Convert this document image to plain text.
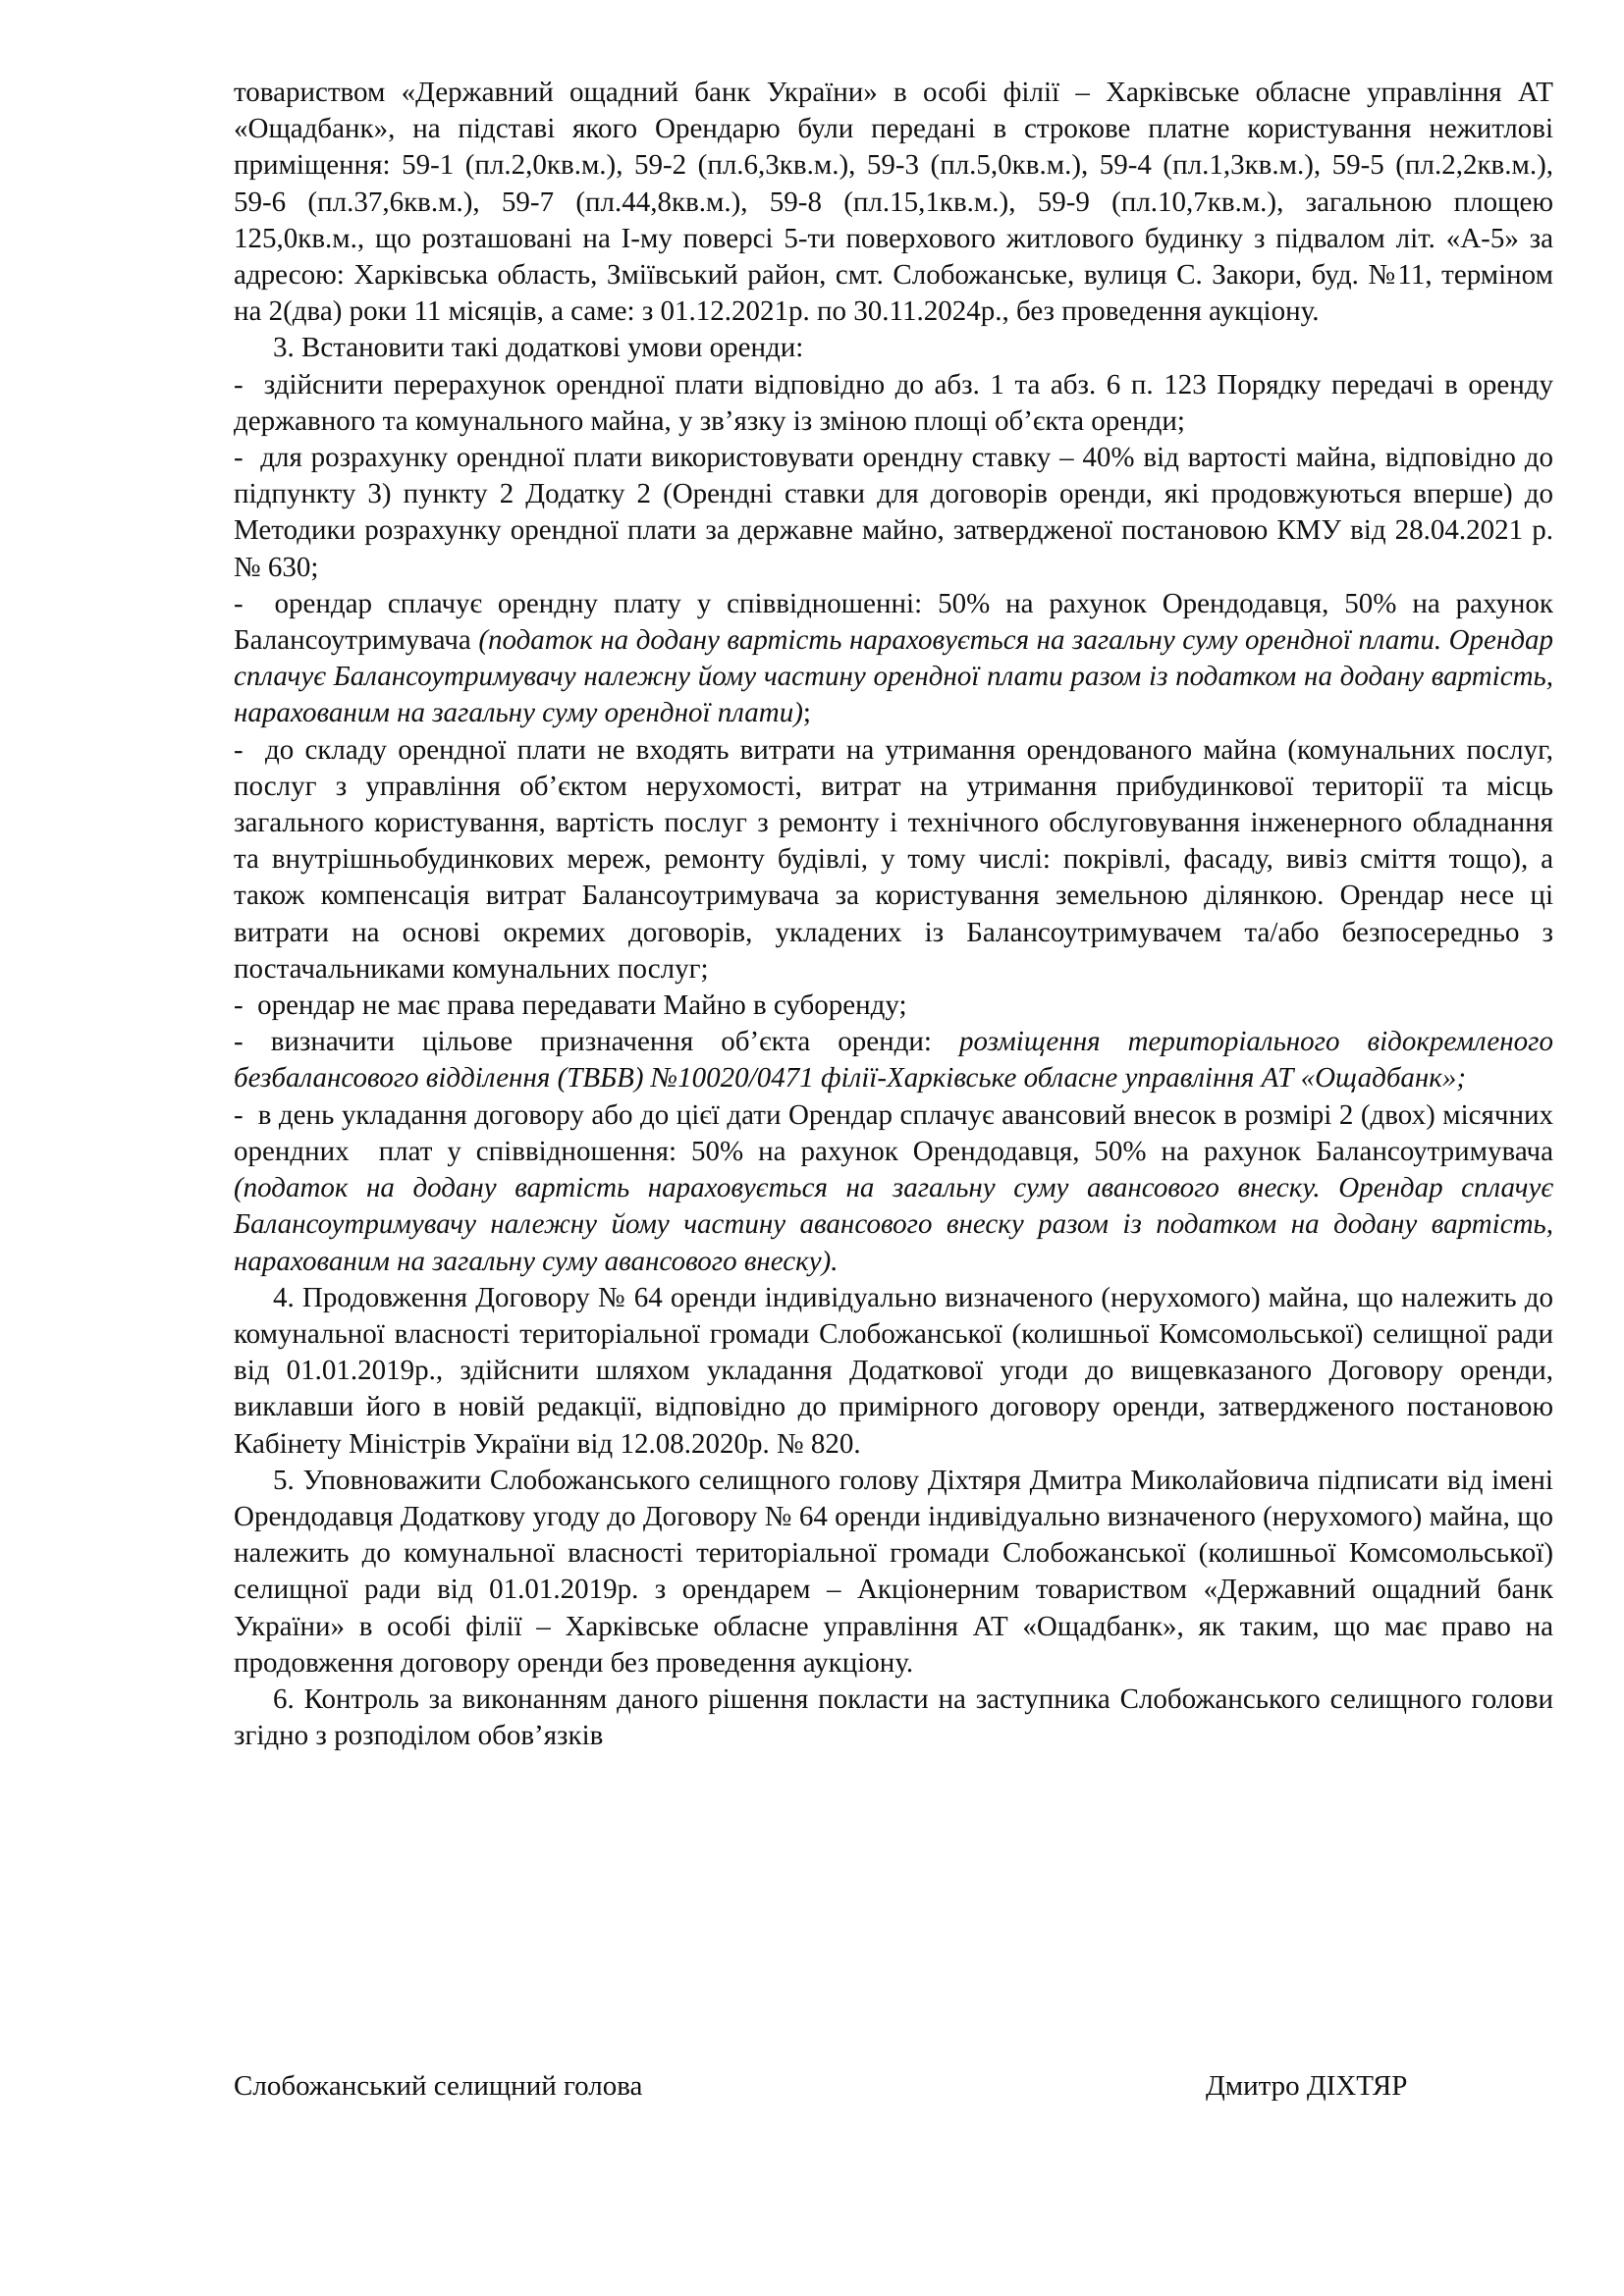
товариством «Державний ощадний банк України» в особі філії – Харківське обласне управління АТ «Ощадбанк», на підставі якого Орендарю були передані в строкове платне користування нежитлові приміщення: 59-1 (пл.2,0кв.м.), 59-2 (пл.6,3кв.м.), 59-3 (пл.5,0кв.м.), 59-4 (пл.1,3кв.м.), 59-5 (пл.2,2кв.м.), 59-6 (пл.37,6кв.м.), 59-7 (пл.44,8кв.м.), 59-8 (пл.15,1кв.м.), 59-9 (пл.10,7кв.м.), загальною площею 125,0кв.м., що розташовані на І-му поверсі 5-ти поверхового житлового будинку з підвалом літ. «А-5» за адресою: Харківська область, Зміївський район, смт. Слобожанське, вулиця С. Закори, буд. №11, терміном на 2(два) роки 11 місяців, а саме: з 01.12.2021р. по 30.11.2024р., без проведення аукціону.

3. Встановити такі додаткові умови оренди:

-  здійснити перерахунок орендної плати відповідно до абз. 1 та абз. 6 п. 123 Порядку передачі в оренду державного та комунального майна, у зв’язку із зміною площі об’єкта оренди;

-  для розрахунку орендної плати використовувати орендну ставку – 40% від вартості майна, відповідно до підпункту 3) пункту 2 Додатку 2 (Орендні ставки для договорів оренди, які продовжуються вперше) до Методики розрахунку орендної плати за державне майно, затвердженої постановою КМУ від 28.04.2021 р. № 630;

-  орендар сплачує орендну плату у співвідношенні: 50% на рахунок Орендодавця, 50% на рахунок Балансоутримувача (податок на додану вартість нараховується на загальну суму орендної плати. Орендар сплачує Балансоутримувачу належну йому частину орендної плати разом із податком на додану вартість, нарахованим на загальну суму орендної плати);

-  до складу орендної плати не входять витрати на утримання орендованого майна (комунальних послуг, послуг з управління об’єктом нерухомості, витрат на утримання прибудинкової території та місць загального користування, вартість послуг з ремонту і технічного обслуговування інженерного обладнання та внутрішньобудинкових мереж, ремонту будівлі, у тому числі: покрівлі, фасаду, вивіз сміття тощо), а також компенсація витрат Балансоутримувача за користування земельною ділянкою. Орендар несе ці витрати на основі окремих договорів, укладених із Балансоутримувачем та/або безпосередньо з постачальниками комунальних послуг;

-  орендар не має права передавати Майно в суборенду;

- визначити цільове призначення об’єкта оренди: розміщення територіального відокремленого безбалансового відділення (ТВБВ) №10020/0471 філії-Харківське обласне управління АТ «Ощадбанк»;

-  в день укладання договору або до цієї дати Орендар сплачує авансовий внесок в розмірі 2 (двох) місячних орендних  плат у співвідношення: 50% на рахунок Орендодавця, 50% на рахунок Балансоутримувача (податок на додану вартість нараховується на загальну суму авансового внеску. Орендар сплачує Балансоутримувачу належну йому частину авансового внеску разом із податком на додану вартість, нарахованим на загальну суму авансового внеску).

4. Продовження Договору № 64 оренди індивідуально визначеного (нерухомого) майна, що належить до комунальної власності територіальної громади Слобожанської (колишньої Комсомольської) селищної ради від 01.01.2019р., здійснити шляхом укладання Додаткової угоди до вищевказаного Договору оренди, виклавши його в новій редакції, відповідно до примірного договору оренди, затвердженого постановою Кабінету Міністрів України від 12.08.2020р. № 820.

5. Уповноважити Слобожанського селищного голову Діхтяря Дмитра Миколайовича підписати від імені Орендодавця Додаткову угоду до Договору № 64 оренди індивідуально визначеного (нерухомого) майна, що належить до комунальної власності територіальної громади Слобожанської (колишньої Комсомольської) селищної ради від 01.01.2019р. з орендарем – Акціонерним товариством «Державний ощадний банк України» в особі філії – Харківське обласне управління АТ «Ощадбанк», як таким, що має право на продовження договору оренди без проведення аукціону.

6. Контроль за виконанням даного рішення покласти на заступника Слобожанського селищного голови згідно з розподілом обов’язків

Слобожанський селищний голова	Дмитро ДІХТЯР
